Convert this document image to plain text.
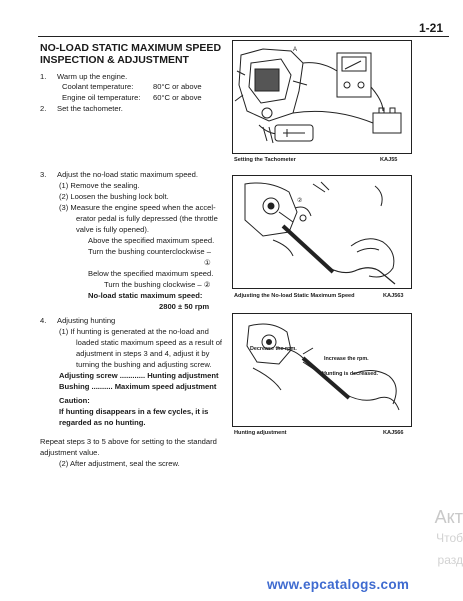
1-21
NO-LOAD STATIC MAXIMUM SPEED
INSPECTION & ADJUSTMENT
1. Warm up the engine.
Coolant temperature:	80°C or above
Engine oil temperature: 60°C or above
2. Set the tachometer.
3. Adjust the no-load static maximum speed.
(1) Remove the sealing.
(2) Loosen the bushing lock bolt.
(3) Measure the engine speed when the accel-
erator pedal is fully depressed (the throttle
valve is fully opened).
Above the specified maximum speed.
Turn the bushing counterclockwise –
①
Below the specified maximum speed.
Turn the bushing clockwise – ②
No-load static maximum speed:
2800 ± 50 rpm
4. Adjusting hunting
(1) If hunting is generated at the no-load and
loaded static maximum speed as a result of
adjustment in steps 3 and 4, adjust it by
turning the bushing and adjusting screw.
Adjusting screw ............ Hunting adjustment
Bushing .......... Maximum speed adjustment
Caution:
If hunting disappears in a few cycles, it is
regarded as no hunting.
Repeat steps 3 to 5 above for setting to the standard
adjustment value.
(2) After adjustment, seal the screw.
A
Setting the Tachometer	KAJ55
②
Adjusting the No-load Static Maximum Speed	KAJ563
Decrease the rpm.
Increase the rpm.
Hunting is decreased.
Hunting adjustment	KAJ566
Акт
Чтоб
разд
www.epcatalogs.com
